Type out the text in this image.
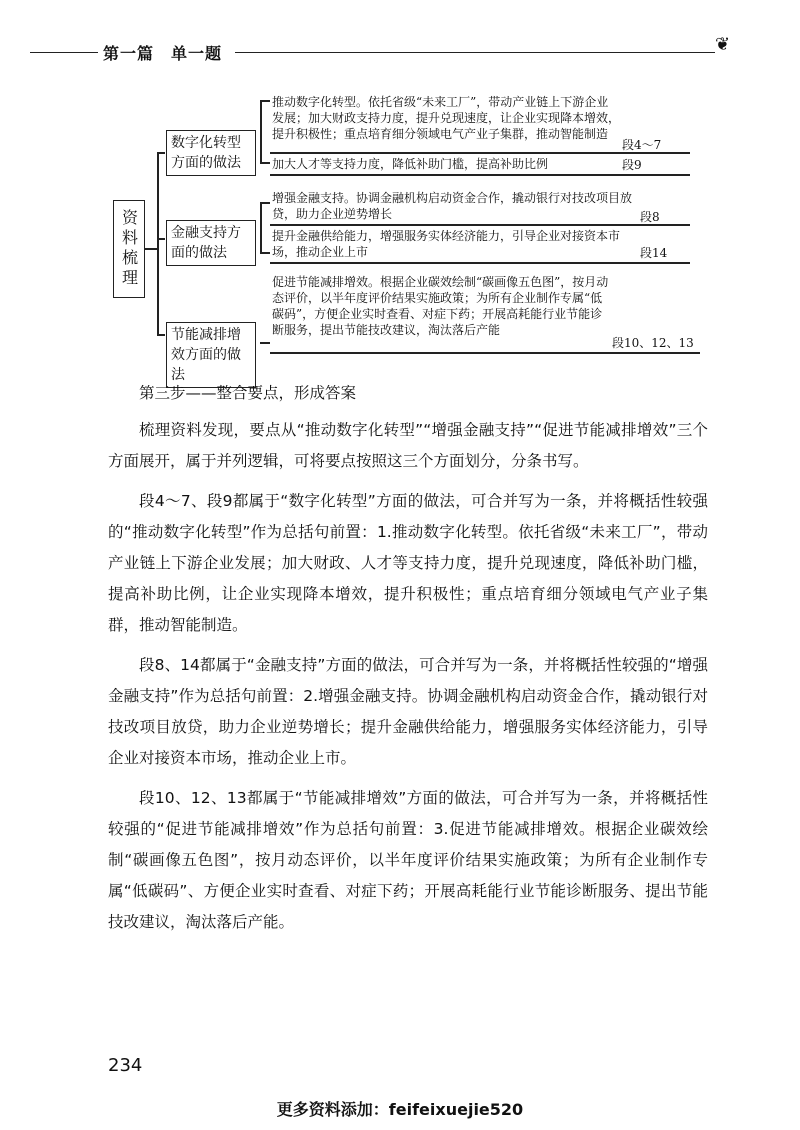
第一篇　单一题	❦
资料梳理
数字化转型方面的做法
推动数字化转型。依托省级“未来工厂”，带动产业链上下游企业发展；加大财政支持力度，提升兑现速度，让企业实现降本增效，提升积极性；重点培育细分领域电气产业子集群，推动智能制造
段4～7
加大人才等支持力度，降低补助门槛，提高补助比例	段9
金融支持方面的做法
增强金融支持。协调金融机构启动资金合作，撬动银行对技改项目放贷，助力企业逆势增长	段8
提升金融供给能力，增强服务实体经济能力，引导企业对接资本市场，推动企业上市	段14
节能减排增效方面的做法
促进节能减排增效。根据企业碳效绘制“碳画像五色图”，按月动态评价，以半年度评价结果实施政策；为所有企业制作专属“低碳码”，方便企业实时查看、对症下药；开展高耗能行业节能诊断服务，提出节能技改建议，淘汰落后产能
段10、12、13

第三步——整合要点，形成答案

梳理资料发现，要点从“推动数字化转型”“增强金融支持”“促进节能减排增效”三个方面展开，属于并列逻辑，可将要点按照这三个方面划分，分条书写。

段4～7、段9都属于“数字化转型”方面的做法，可合并写为一条，并将概括性较强的“推动数字化转型”作为总括句前置：1.推动数字化转型。依托省级“未来工厂”，带动产业链上下游企业发展；加大财政、人才等支持力度，提升兑现速度，降低补助门槛，提高补助比例，让企业实现降本增效，提升积极性；重点培育细分领域电气产业子集群，推动智能制造。

段8、14都属于“金融支持”方面的做法，可合并写为一条，并将概括性较强的“增强金融支持”作为总括句前置：2.增强金融支持。协调金融机构启动资金合作，撬动银行对技改项目放贷，助力企业逆势增长；提升金融供给能力，增强服务实体经济能力，引导企业对接资本市场，推动企业上市。

段10、12、13都属于“节能减排增效”方面的做法，可合并写为一条，并将概括性较强的“促进节能减排增效”作为总括句前置：3.促进节能减排增效。根据企业碳效绘制“碳画像五色图”，按月动态评价，以半年度评价结果实施政策；为所有企业制作专属“低碳码”、方便企业实时查看、对症下药；开展高耗能行业节能诊断服务、提出节能技改建议，淘汰落后产能。

234
更多资料添加：feifeixuejie520
